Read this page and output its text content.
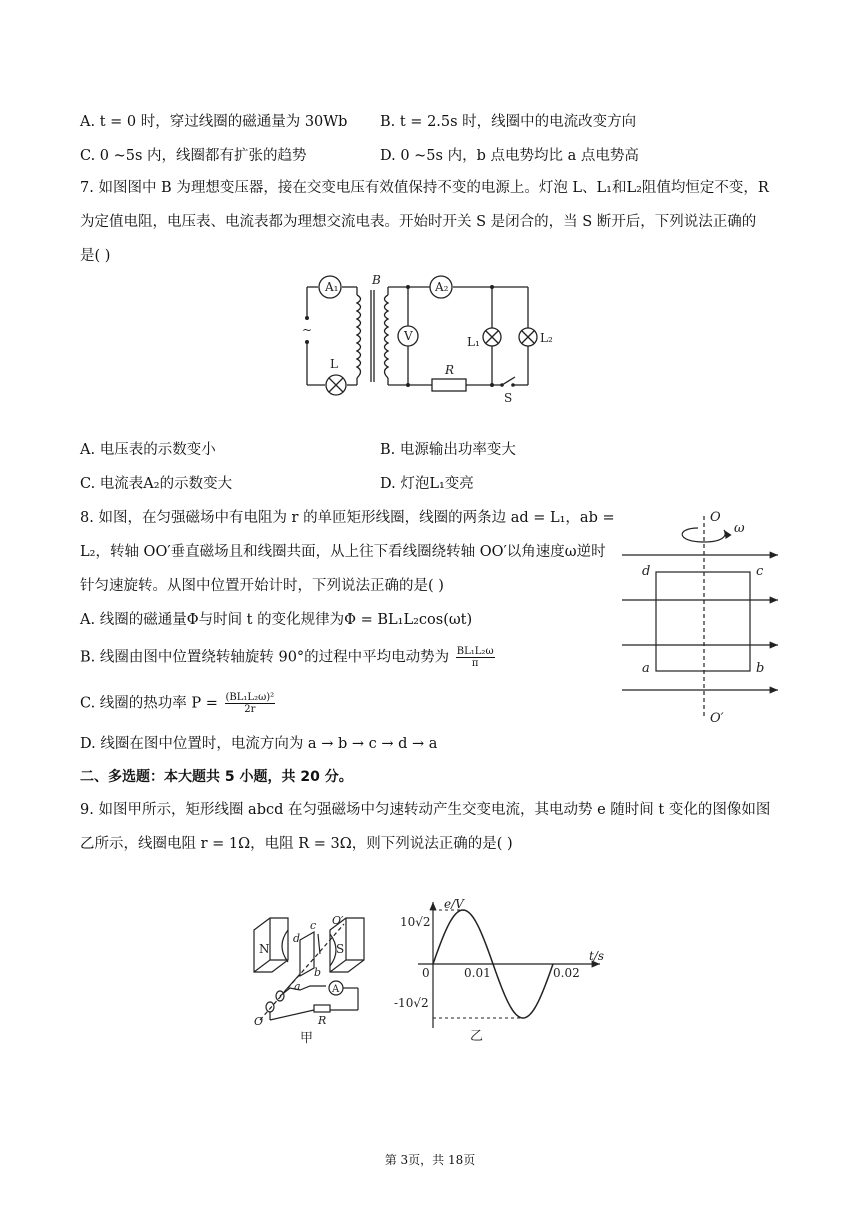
A. t = 0 时，穿过线圈的磁通量为 30Wb B. t = 2.5s 时，线圈中的电流改变方向
C. 0 ~5s 内，线圈都有扩张的趋势	D. 0 ~5s 内，b 点电势均比 a 点电势高
7. 如图图中 B 为理想变压器，接在交变电压有效值保持不变的电源上。灯泡 L、L₁和L₂阻值均恒定不变，R
为定值电阻，电压表、电流表都为理想交流电表。开始时开关 S 是闭合的，当 S 断开后，下列说法正确的
是( )
A₁	A₂
V
B
L
L₁	L₂
R
S
~
A. 电压表的示数变小	B. 电源输出功率变大
C. 电流表A₂的示数变大	D. 灯泡L₁变亮
8. 如图，在匀强磁场中有电阻为 r 的单匝矩形线圈，线圈的两条边 ad = L₁，ab =
L₂，转轴 OO′垂直磁场且和线圈共面，从上往下看线圈绕转轴 OO′以角速度ω逆时
针匀速旋转。从图中位置开始计时，下列说法正确的是( )
A. 线圈的磁通量Φ与时间 t 的变化规律为Φ = BL₁L₂cos(ωt)
B. 线圈由图中位置绕转轴旋转 90°的过程中平均电动势为 $\frac{\text{BL₁L₂ω}}{\pi}$
C. 线圈的热功率 $P = \frac{\text{(BL₁L₂ω)²}}{2r}$
D. 线圈在图中位置时，电流方向为 a → b → c → d → a
O
ω
O′
d	c
a	b
二、多选题：本大题共 5 小题，共 20 分。
9. 如图甲所示，矩形线圈 abcd 在匀强磁场中匀速转动产生交变电流，其电动势 e 随时间 t 变化的图像如图
乙所示，线圈电阻 r = 1Ω，电阻 R = 3Ω，则下列说法正确的是( )
N	S
d
c
a
b
O
O′
A
R
甲
e/V
t/s
10√2
-10√2
0	0.01	0.02
乙
第 3页，共 18页
